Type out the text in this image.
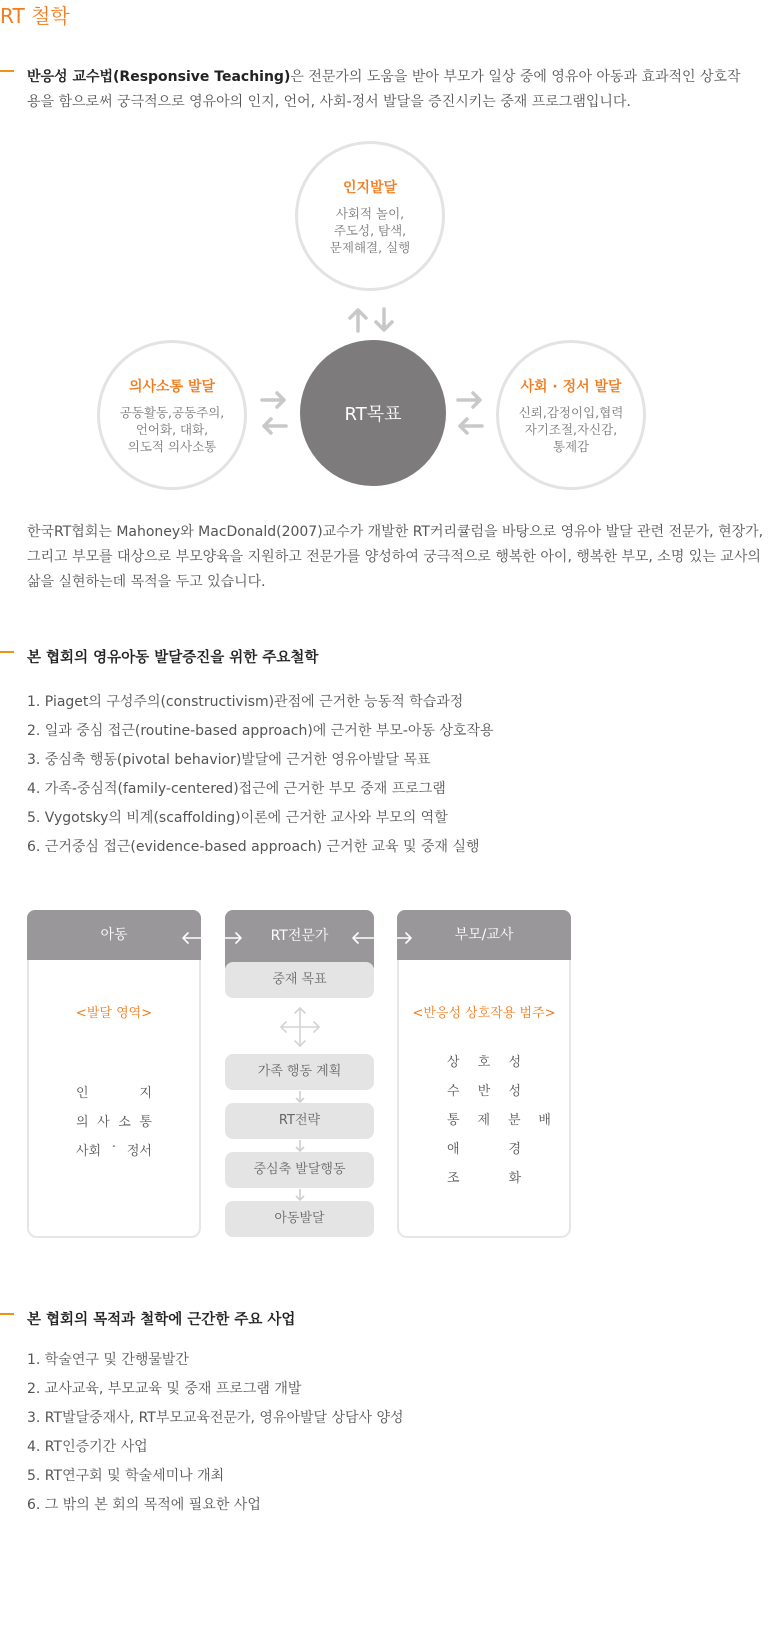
RT 철학
반응성 교수법(Responsive Teaching)은 전문가의 도움을 받아 부모가 일상 중에 영유아 아동과 효과적인 상호작용을 함으로써 궁극적으로 영유아의 인지, 언어, 사회-정서 발달을 증진시키는 중재 프로그램입니다.
인지발달
사회적 놀이,
주도성, 탐색,
문제해결, 실행
의사소통 발달
공동활동,공동주의,
언어화, 대화,
의도적 의사소통
사회 · 정서 발달
신뢰,감정이입,협력
자기조절,자신감,
통제감
RT목표
한국RT협회는 Mahoney와 MacDonald(2007)교수가 개발한 RT커리큘럼을 바탕으로 영유아 발달 관련 전문가, 현장가, 그리고 부모를 대상으로 부모양육을 지원하고 전문가를 양성하여 궁극적으로 행복한 아이, 행복한 부모, 소명 있는 교사의 삶을 실현하는데 목적을 두고 있습니다.
본 협회의 영유아동 발달증진을 위한 주요철학
1. Piaget의 구성주의(constructivism)관점에 근거한 능동적 학습과정
2. 일과 중심 접근(routine-based approach)에 근거한 부모-아동 상호작용
3. 중심축 행동(pivotal behavior)발달에 근거한 영유아발달 목표
4. 가족-중심적(family-centered)접근에 근거한 부모 중재 프로그램
5. Vygotsky의 비계(scaffolding)이론에 근거한 교사와 부모의 역할
6. 근거중심 접근(evidence-based approach) 근거한 교육 및 중재 실행
아동
<발달 영역>
인	지
의 사 소 통
사회 · 정서
RT전문가
중재 목표
가족 행동 계획
RT전략
중심축 발달행동
아동발달
부모/교사
<반응성 상호작용 범주>
상 호 성
수 반 성
통 제 분 배
애	경
조	화
본 협회의 목적과 철학에 근간한 주요 사업
1. 학술연구 및 간행물발간
2. 교사교육, 부모교육 및 중재 프로그램 개발
3. RT발달중재사, RT부모교육전문가, 영유아발달 상담사 양성
4. RT인증기간 사업
5. RT연구회 및 학술세미나 개최
6. 그 밖의 본 회의 목적에 필요한 사업
